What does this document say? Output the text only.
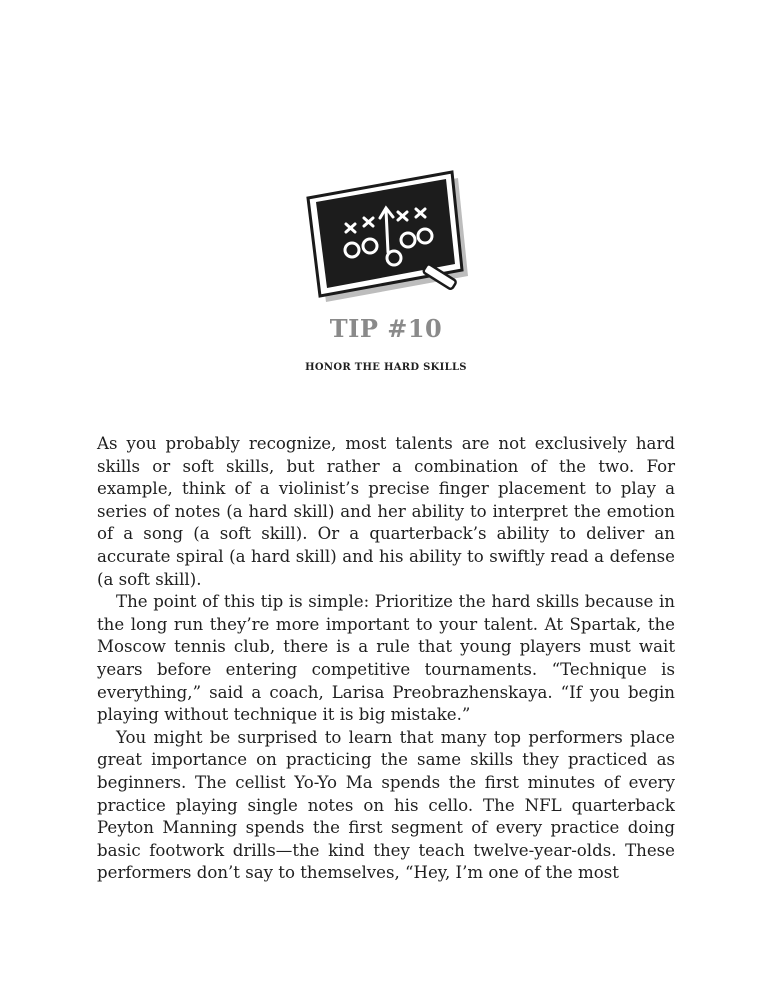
TIP #10
HONOR THE HARD SKILLS

As you probably recognize, most talents are not exclusively hard skills or soft skills, but rather a combination of the two. For example, think of a violinist’s precise finger placement to play a series of notes (a hard skill) and her ability to interpret the emotion of a song (a soft skill). Or a quarterback’s ability to deliver an accurate spiral (a hard skill) and his ability to swiftly read a defense (a soft skill).

The point of this tip is simple: Prioritize the hard skills because in the long run they’re more important to your talent. At Spartak, the Moscow tennis club, there is a rule that young players must wait years before entering competitive tournaments. “Technique is everything,” said a coach, Larisa Preobrazhenskaya. “If you begin playing without technique it is big mistake.”

You might be surprised to learn that many top performers place great importance on practicing the same skills they practiced as beginners. The cellist Yo-Yo Ma spends the first minutes of every practice playing single notes on his cello. The NFL quarterback Peyton Manning spends the first segment of every practice doing basic footwork drills—the kind they teach twelve-year-olds. These performers don’t say to themselves, “Hey, I’m one of the most
